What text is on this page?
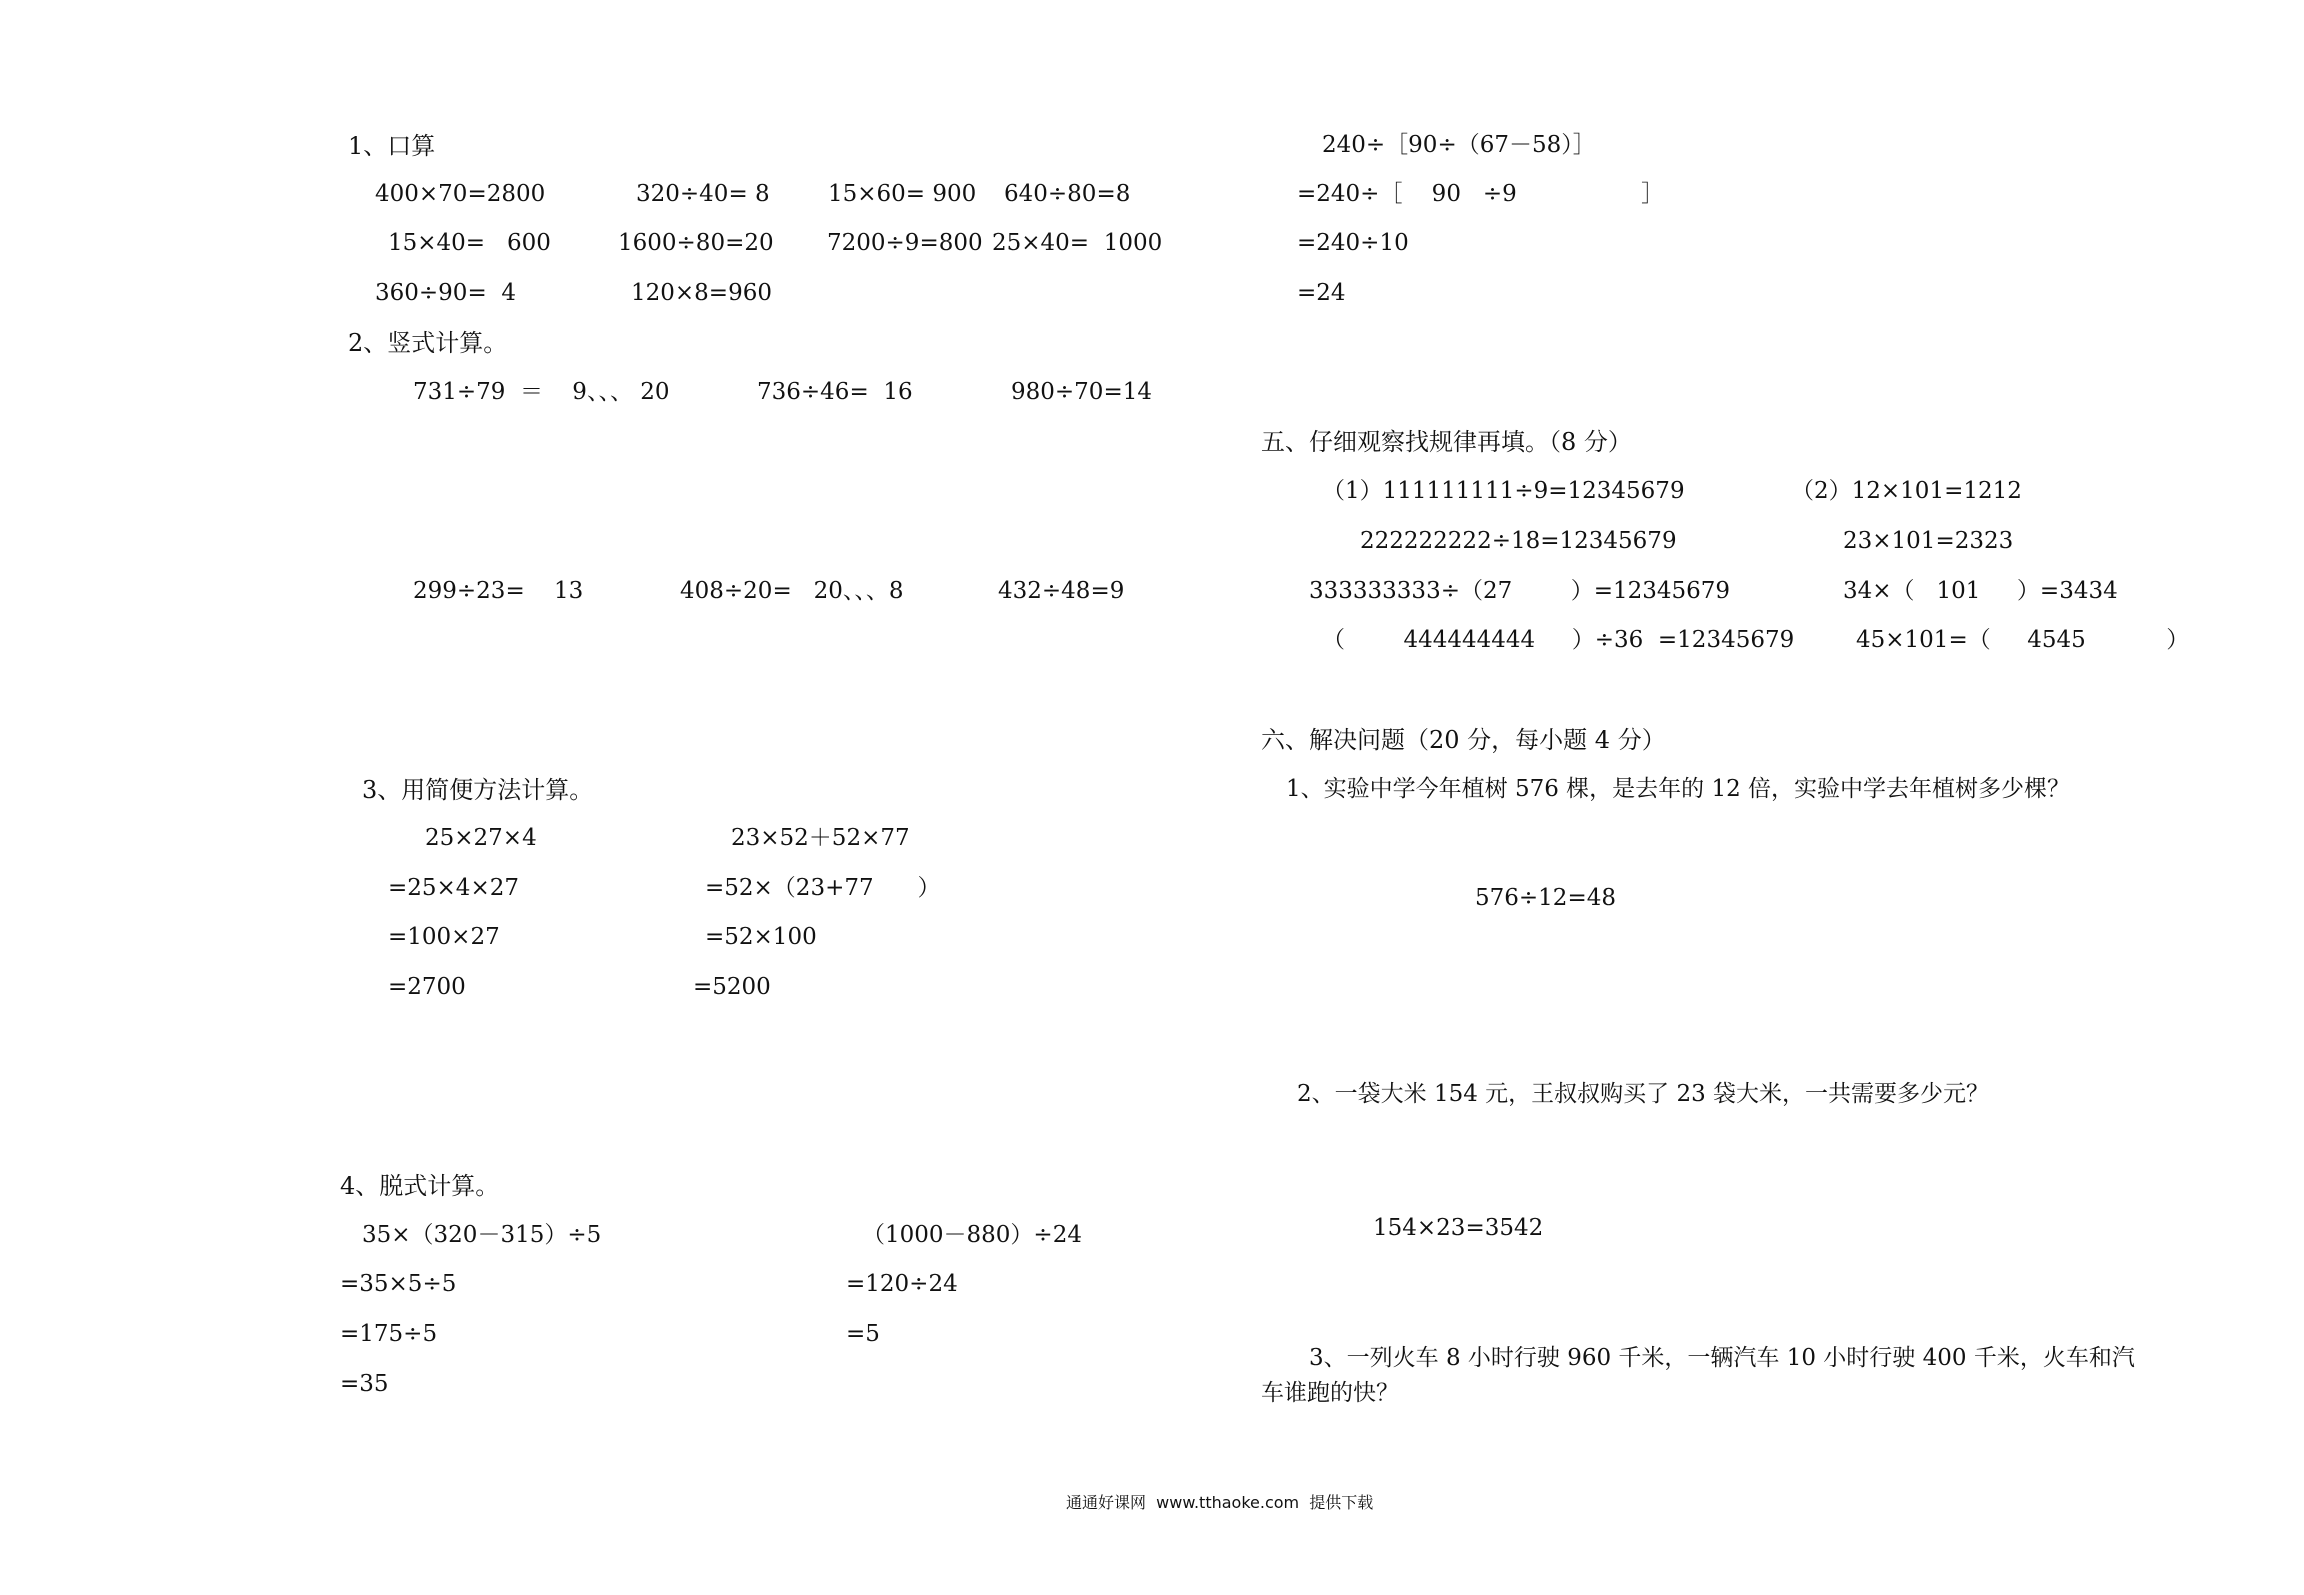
1、口算
400×70=2800	320÷40= 8	15×60= 900 640÷80=8
15×40=   600	1600÷80=20 7200÷9=800 25×40=  1000
360÷90=  4	120×8=960
2、竖式计算。
731÷79  ＝    9、、、 20	736÷46=  16	980÷70=14
299÷23=    13	408÷20=   20、、、8	432÷48=9
3、用简便方法计算。
25×27×4
=25×4×27
=100×27
=2700
23×52＋52×77
=52×（23+77      ）
=52×100
=5200
4、脱式计算。
35×（320－315）÷5
=35×5÷5
=175÷5
=35
（1000－880）÷24
=120÷24
=5
240÷［90÷（67－58）］
=240÷［    90   ÷9                 ］
=240÷10
=24
五、仔细观察找规律再填。（8 分）
（1）111111111÷9=12345679
222222222÷18=12345679
333333333÷（27        ）=12345679
（        444444444     ）÷36  =12345679
（2）12×101=1212
23×101=2323
34×（   101     ）=3434
45×101=（     4545           ）
六、解决问题（20 分，每小题 4 分）
1、实验中学今年植树 576 棵，是去年的 12 倍，实验中学去年植树多少棵？
576÷12=48
2、一袋大米 154 元，王叔叔购买了 23 袋大米，一共需要多少元？
154×23=3542
3、一列火车 8 小时行驶 960 千米，一辆汽车 10 小时行驶 400 千米，火车和汽
车谁跑的快？
通通好课网  www.tthaoke.com  提供下载
